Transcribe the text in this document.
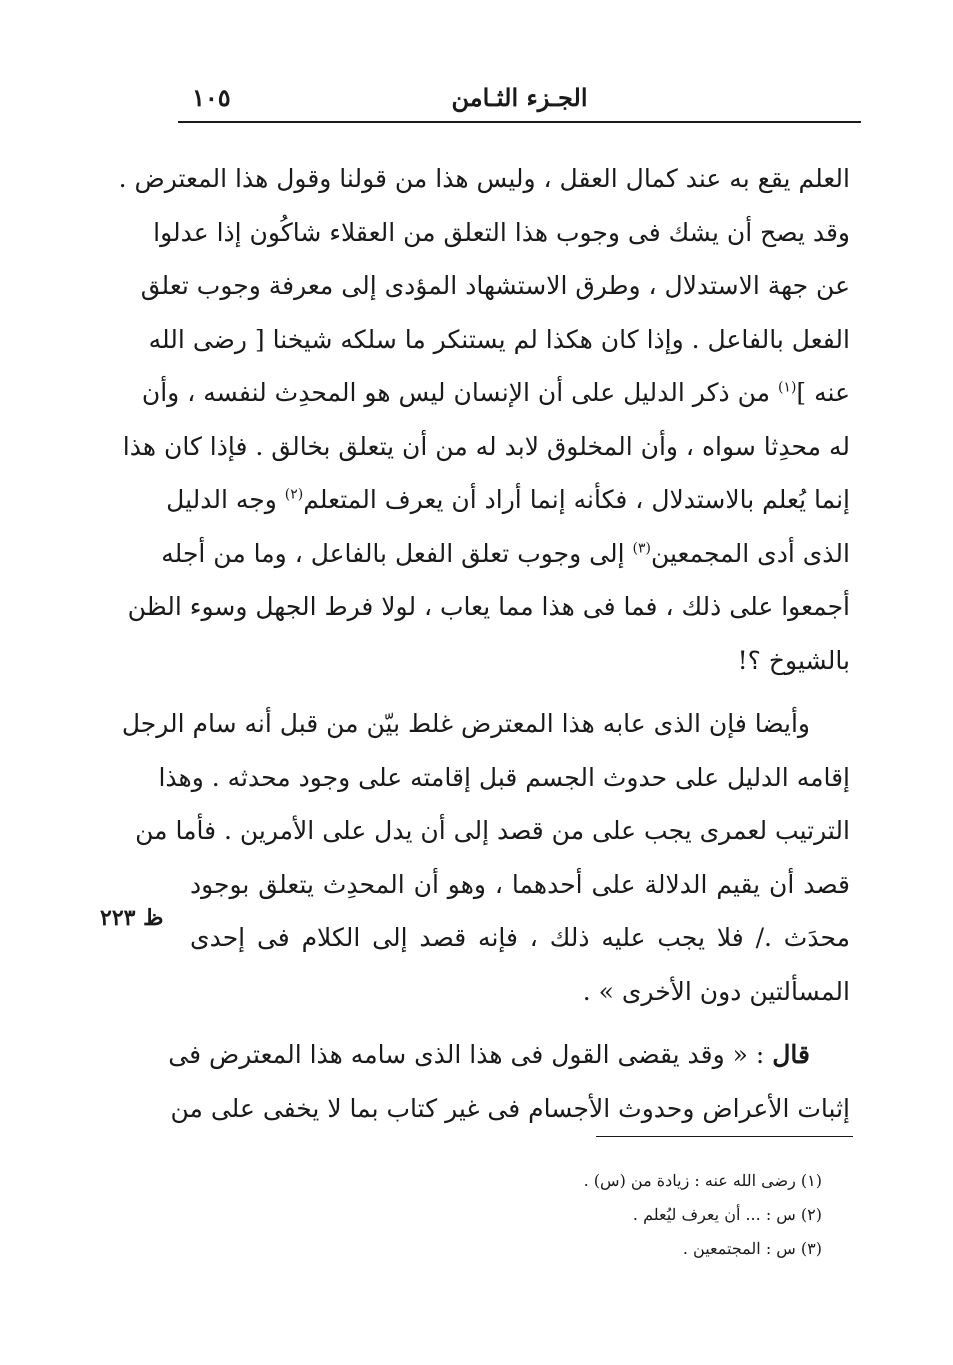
الجـزء الثـامن
١٠٥
العلم يقع به عند كمال العقل ، وليس هذا من قولنا وقول هذا المعترض .
وقد يصح أن يشك فى وجوب هذا التعلق من العقلاء شاكُون إذا عدلوا
عن جهة الاستدلال ، وطرق الاستشهاد المؤدى إلى معرفة وجوب تعلق
الفعل بالفاعل . وإذا كان هكذا لم يستنكر ما سلكه شيخنا [ رضى الله
عنه ]$^{(١)}$ من ذكر الدليل على أن الإنسان ليس هو المحدِث لنفسه ، وأن
له محدِثا سواه ، وأن المخلوق لابد له من أن يتعلق بخالق . فإذا كان هذا
إنما يُعلم بالاستدلال ، فكأنه إنما أراد أن يعرف المتعلم$^{(٢)}$ وجه الدليل
الذى أدى المجمعين$^{(٣)}$ إلى وجوب تعلق الفعل بالفاعل ، وما من أجله
أجمعوا على ذلك ، فما فى هذا مما يعاب ، لولا فرط الجهل وسوء الظن
بالشيوخ ؟!
وأيضا فإن الذى عابه هذا المعترض غلط بيّن من قبل أنه سام الرجل
إقامه الدليل على حدوث الجسم قبل إقامته على وجود محدثه . وهذا
الترتيب لعمرى يجب على من قصد إلى أن يدل على الأمرين . فأما من
قصد أن يقيم الدلالة على أحدهما ، وهو أن المحدِث يتعلق بوجود
محدَث ./ فلا يجب عليه ذلك ، فإنه قصد إلى الكلام فى إحدى
المسألتين دون الأخرى » .
قال : « وقد يقضى القول فى هذا الذى سامه هذا المعترض فى
إثبات الأعراض وحدوث الأجسام فى غير كتاب بما لا يخفى على من
ظ ٢٢٣
(١) رضى الله عنه : زيادة من (س) .
(٢) س : ... أن يعرف ليُعلم .
(٣) س : المجتمعين .
